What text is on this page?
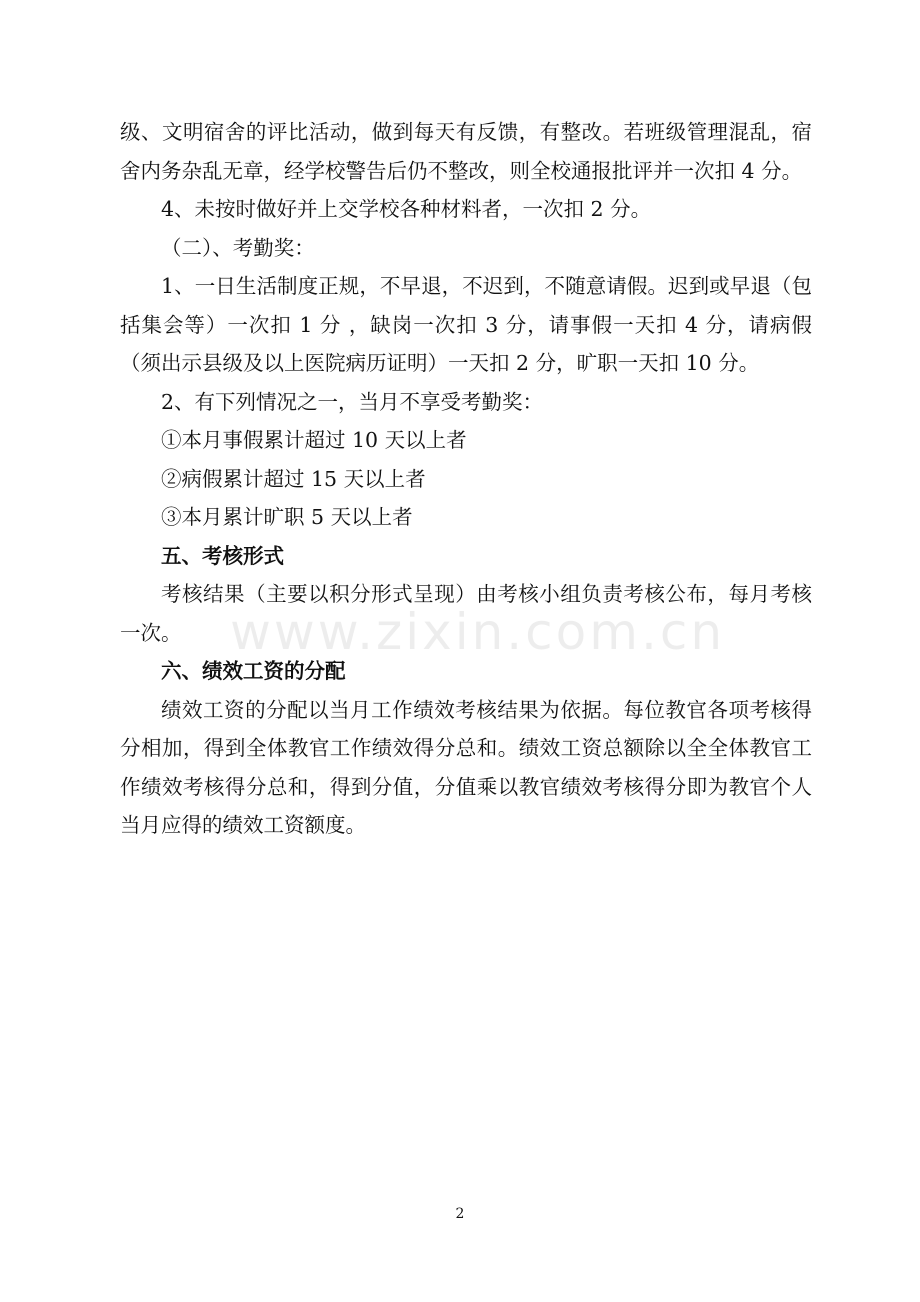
级、文明宿舍的评比活动，做到每天有反馈，有整改。若班级管理混乱，宿舍内务杂乱无章，经学校警告后仍不整改，则全校通报批评并一次扣 4 分。

4、未按时做好并上交学校各种材料者，一次扣 2 分。

（二）、考勤奖：

1、一日生活制度正规，不早退，不迟到，不随意请假。迟到或早退（包括集会等）一次扣 1 分 ，缺岗一次扣 3 分，请事假一天扣 4 分，请病假（须出示县级及以上医院病历证明）一天扣 2 分，旷职一天扣 10 分。

2、有下列情况之一，当月不享受考勤奖：

①本月事假累计超过 10 天以上者

②病假累计超过 15 天以上者

③本月累计旷职 5 天以上者

五、考核形式

考核结果（主要以积分形式呈现）由考核小组负责考核公布，每月考核一次。

六、绩效工资的分配

绩效工资的分配以当月工作绩效考核结果为依据。每位教官各项考核得分相加，得到全体教官工作绩效得分总和。绩效工资总额除以全全体教官工作绩效考核得分总和，得到分值，分值乘以教官绩效考核得分即为教官个人当月应得的绩效工资额度。

www.zixin.com.cn
2
